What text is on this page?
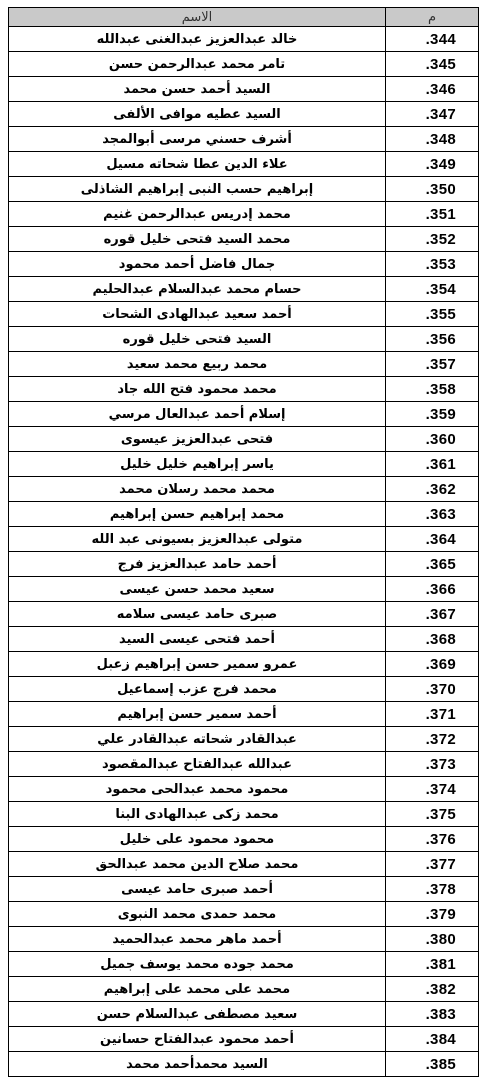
الاسم	م
خالد عبدالعزيز عبدالغنى عبدالله	.344
تامر محمد عبدالرحمن حسن	.345
السيد أحمد حسن محمد	.346
السيد عطيه موافى الألفى	.347
أشرف حسني مرسى أبوالمجد	.348
علاء الدين عطا شحاته مسيل	.349
إبراهيم حسب النبى إبراهيم الشاذلى	.350
محمد إدريس عبدالرحمن غنيم	.351
محمد السيد فتحى خليل قوره	.352
جمال فاضل أحمد محمود	.353
حسام محمد عبدالسلام عبدالحليم	.354
أحمد سعيد عبدالهادى الشحات	.355
السيد فتحى خليل قوره	.356
محمد ربيع محمد سعيد	.357
محمد محمود فتح الله جاد	.358
إسلام أحمد عبدالعال مرسي	.359
فتحى عبدالعزيز عيسوى	.360
ياسر إبراهيم خليل خليل	.361
محمد محمد رسلان محمد	.362
محمد إبراهيم حسن إبراهيم	.363
متولى عبدالعزيز بسيونى عبد الله	.364
أحمد حامد عبدالعزيز فرج	.365
سعيد محمد حسن عيسى	.366
صبرى حامد عيسى سلامه	.367
أحمد فتحى عيسى السيد	.368
عمرو سمير حسن إبراهيم زعبل	.369
محمد فرج عزب إسماعيل	.370
أحمد سمير حسن إبراهيم	.371
عبدالقادر شحاته عبدالقادر علي	.372
عبدالله عبدالفتاح عبدالمقصود	.373
محمود محمد عبدالحى محمود	.374
محمد زكى عبدالهادى البنا	.375
محمود محمود على خليل	.376
محمد صلاح الدين محمد عبدالحق	.377
أحمد صبرى حامد عيسى	.378
محمد حمدى محمد النبوى	.379
أحمد ماهر محمد عبدالحميد	.380
محمد جوده محمد يوسف جميل	.381
محمد على محمد على إبراهيم	.382
سعيد مصطفى عبدالسلام حسن	.383
أحمد محمود عبدالفتاح حسانين	.384
السيد محمدأحمد محمد	.385
